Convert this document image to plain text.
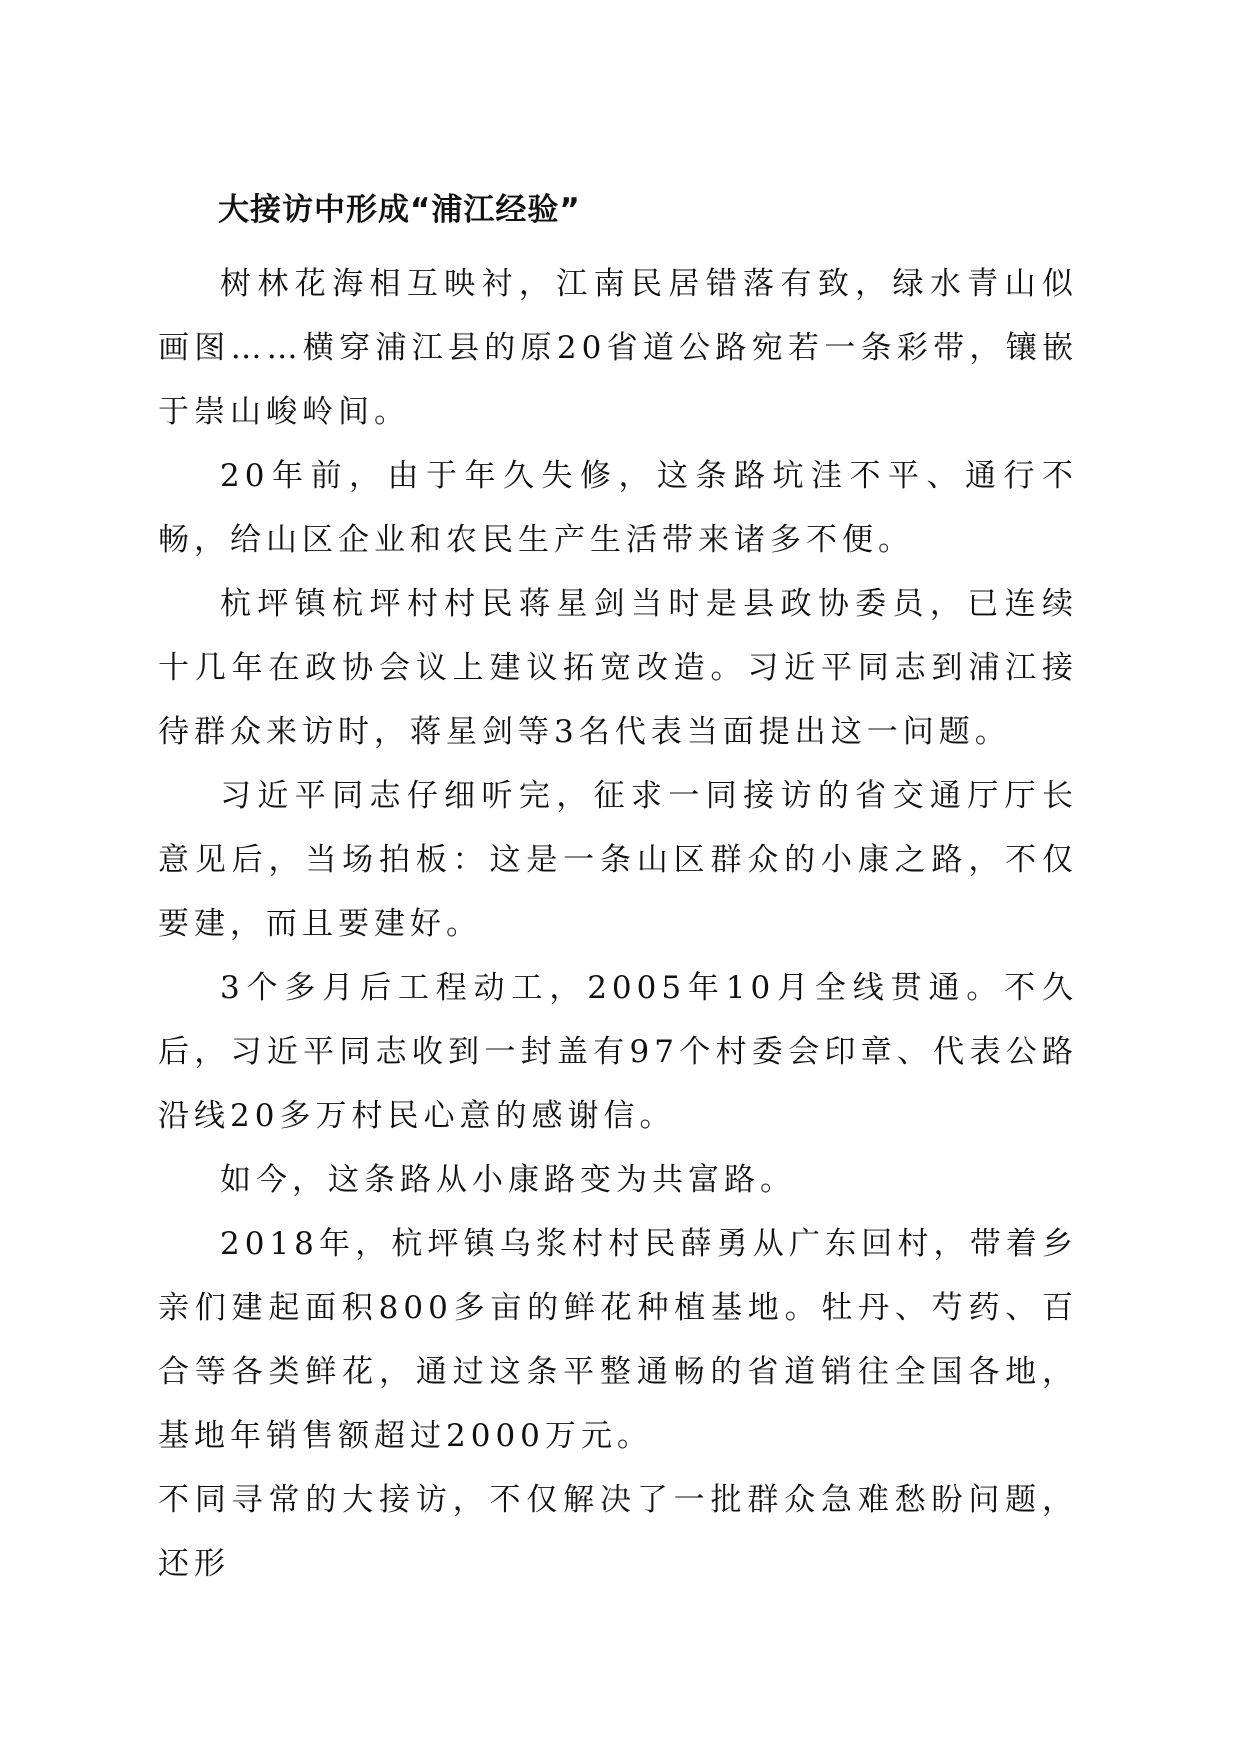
大接访中形成“浦江经验”

树林花海相互映衬，江南民居错落有致，绿水青山似画图……横穿浦江县的原20省道公路宛若一条彩带，镶嵌于崇山峻岭间。

20年前，由于年久失修，这条路坑洼不平、通行不畅，给山区企业和农民生产生活带来诸多不便。

杭坪镇杭坪村村民蒋星剑当时是县政协委员，已连续十几年在政协会议上建议拓宽改造。习近平同志到浦江接待群众来访时，蒋星剑等3名代表当面提出这一问题。

习近平同志仔细听完，征求一同接访的省交通厅厅长意见后，当场拍板：这是一条山区群众的小康之路，不仅要建，而且要建好。

3个多月后工程动工，2005年10月全线贯通。不久后，习近平同志收到一封盖有97个村委会印章、代表公路沿线20多万村民心意的感谢信。

如今，这条路从小康路变为共富路。

2018年，杭坪镇乌浆村村民薛勇从广东回村，带着乡亲们建起面积800多亩的鲜花种植基地。牡丹、芍药、百合等各类鲜花，通过这条平整通畅的省道销往全国各地，基地年销售额超过2000万元。

不同寻常的大接访，不仅解决了一批群众急难愁盼问题，还形
